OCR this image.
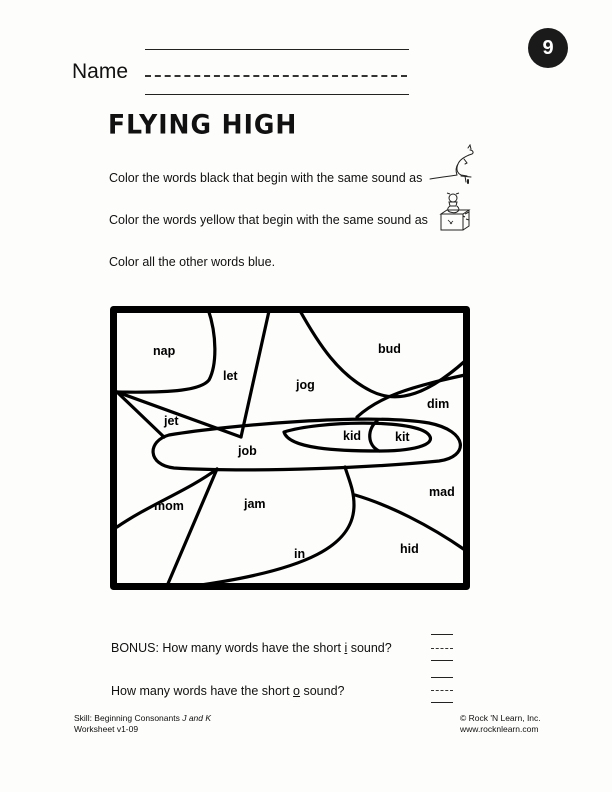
9
Name
FLYING HIGH
Color the words black that begin with the same sound as
Color the words yellow that begin with the same sound as
Color all the other words blue.
nap
let
jog
bud
jet
dim
kid	kit
job
mad
mom	jam
in	hid
BONUS: How many words have the short i sound?
How many words have the short o sound?
Skill: Beginning Consonants J and K
Worksheet v1-09
© Rock 'N Learn, Inc.
www.rocknlearn.com
